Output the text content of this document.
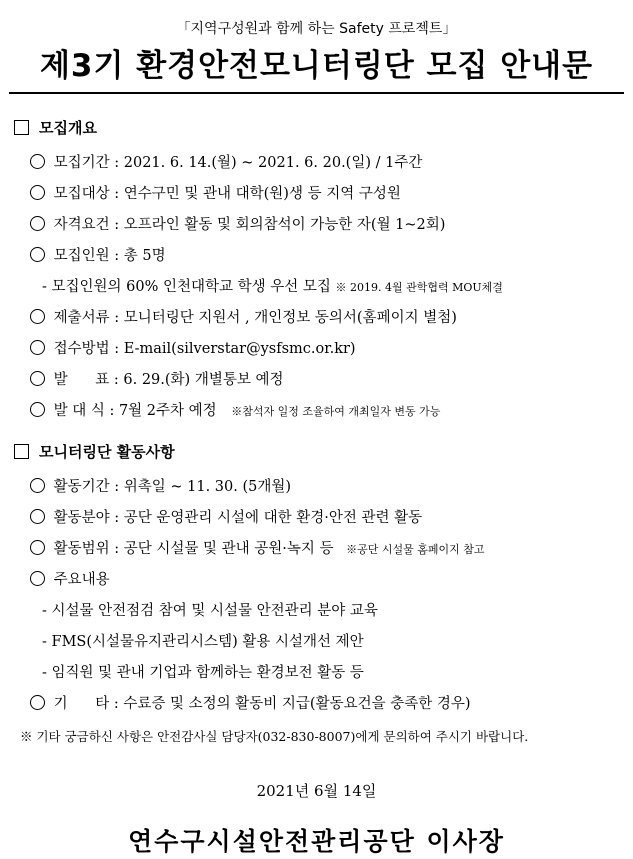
「지역구성원과 함께 하는 Safety 프로젝트」
제3기 환경안전모니터링단 모집 안내문
모집개요
모집기간 : 2021. 6. 14.(월) ~ 2021. 6. 20.(일) / 1주간
모집대상 : 연수구민 및 관내 대학(원)생 등 지역 구성원
자격요건 : 오프라인 활동 및 회의참석이 가능한 자(월 1~2회)
모집인원 : 총 5명
- 모집인원의 60% 인천대학교 학생 우선 모집 ※ 2019. 4월 관학협력 MOU체결
제출서류 : 모니터링단 지원서 , 개인정보 동의서(홈페이지 별첨)
접수방법 : E-mail(silverstar@ysfsmc.or.kr)
발      표 : 6. 29.(화) 개별통보 예정
발 대 식 : 7월 2주차 예정 ※참석자 일정 조율하여 개최일자 변동 가능
모니터링단 활동사항
활동기간 : 위촉일 ~ 11. 30. (5개월)
활동분야 : 공단 운영관리 시설에 대한 환경·안전 관련 활동
활동범위 : 공단 시설물 및 관내 공원·녹지 등 ※공단 시설물 홈페이지 참고
주요내용
- 시설물 안전점검 참여 및 시설물 안전관리 분야 교육
- FMS(시설물유지관리시스템) 활용 시설개선 제안
- 임직원 및 관내 기업과 함께하는 환경보전 활동 등
기      타 : 수료증 및 소정의 활동비 지급(활동요건을 충족한 경우)
※ 기타 궁금하신 사항은 안전감사실 담당자(032-830-8007)에게 문의하여 주시기 바랍니다.
2021년 6월 14일
연수구시설안전관리공단 이사장
